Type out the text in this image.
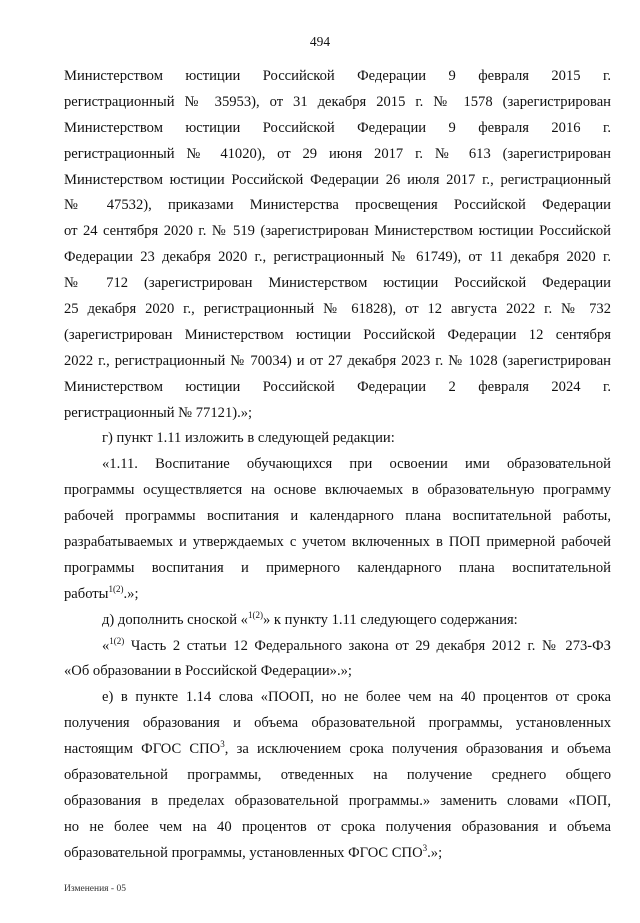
494
Министерством юстиции Российской Федерации 9 февраля 2015 г.
регистрационный № 35953), от 31 декабря 2015 г. № 1578 (зарегистрирован
Министерством юстиции Российской Федерации 9 февраля 2016 г.
регистрационный № 41020), от 29 июня 2017 г. № 613 (зарегистрирован
Министерством юстиции Российской Федерации 26 июля 2017 г., регистрационный
№ 47532), приказами Министерства просвещения Российской Федерации
от 24 сентября 2020 г. № 519 (зарегистрирован Министерством юстиции Российской
Федерации 23 декабря 2020 г., регистрационный № 61749), от 11 декабря 2020 г.
№ 712 (зарегистрирован Министерством юстиции Российской Федерации
25 декабря 2020 г., регистрационный № 61828), от 12 августа 2022 г. № 732
(зарегистрирован Министерством юстиции Российской Федерации 12 сентября
2022 г., регистрационный № 70034) и от 27 декабря 2023 г. № 1028 (зарегистрирован
Министерством юстиции Российской Федерации 2 февраля 2024 г.
регистрационный № 77121).»;
г) пункт 1.11 изложить в следующей редакции:
«1.11. Воспитание обучающихся при освоении ими образовательной
программы осуществляется на основе включаемых в образовательную программу
рабочей программы воспитания и календарного плана воспитательной работы,
разрабатываемых и утверждаемых с учетом включенных в ПОП примерной рабочей
программы воспитания и примерного календарного плана воспитательной
работы$^{1(2)}$.»;
д) дополнить сноской «$^{1(2)}$» к пункту 1.11 следующего содержания:
«$^{1(2)}$ Часть 2 статьи 12 Федерального закона от 29 декабря 2012 г. № 273-ФЗ
«Об образовании в Российской Федерации».»;
е) в пункте 1.14 слова «ПООП, но не более чем на 40 процентов от срока
получения образования и объема образовательной программы, установленных
настоящим ФГОС СПО$^3$, за исключением срока получения образования и объема
образовательной программы, отведенных на получение среднего общего
образования в пределах образовательной программы.» заменить словами «ПОП,
но не более чем на 40 процентов от срока получения образования и объема
образовательной программы, установленных ФГОС СПО$^3$.»;
Изменения - 05
